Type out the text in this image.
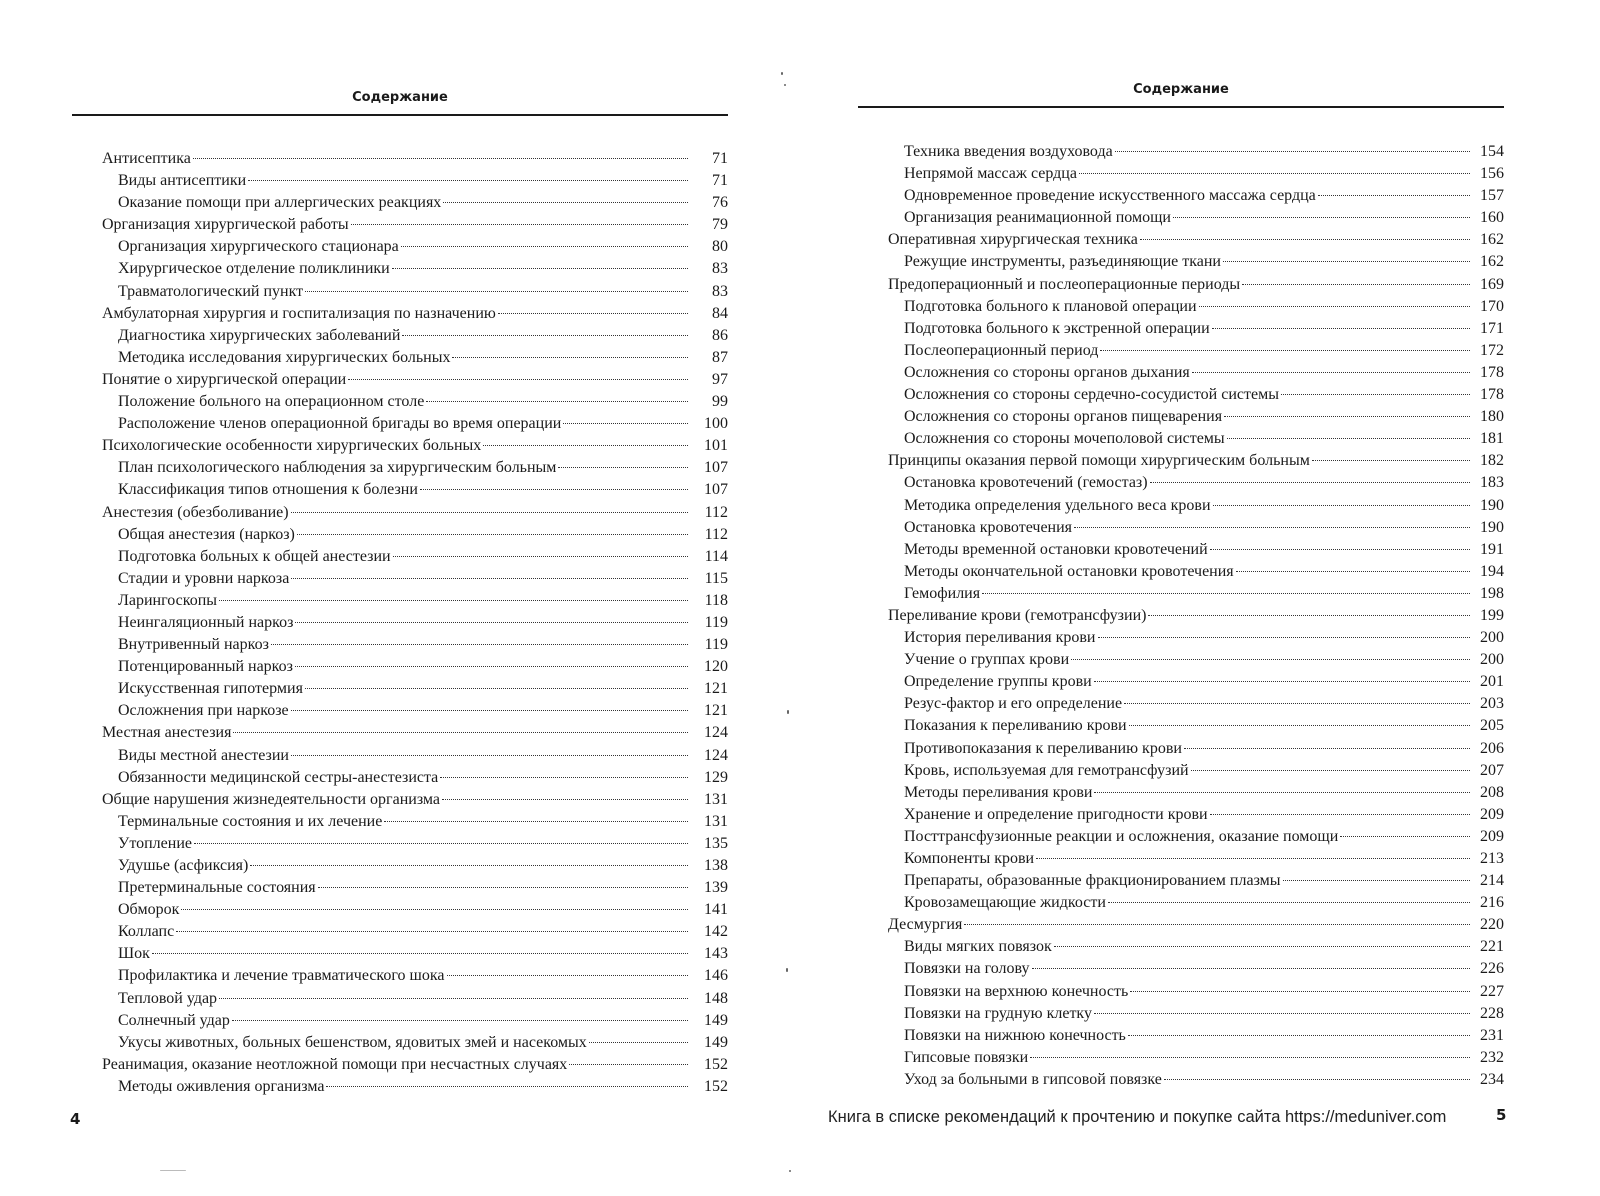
Содержание
Антисептика	71
Виды антисептики	71
Оказание помощи при аллергических реакциях	76
Организация хирургической работы	79
Организация хирургического стационара	80
Хирургическое отделение поликлиники	83
Травматологический пункт	83
Амбулаторная хирургия и госпитализация по назначению	84
Диагностика хирургических заболеваний	86
Методика исследования хирургических больных	87
Понятие о хирургической операции	97
Положение больного на операционном столе	99
Расположение членов операционной бригады во время операции	100
Психологические особенности хирургических больных	101
План психологического наблюдения за хирургическим больным	107
Классификация типов отношения к болезни	107
Анестезия (обезболивание)	112
Общая анестезия (наркоз)	112
Подготовка больных к общей анестезии	114
Стадии и уровни наркоза	115
Ларингоскопы	118
Неингаляционный наркоз	119
Внутривенный наркоз	119
Потенцированный наркоз	120
Искусственная гипотермия	121
Осложнения при наркозе	121
Местная анестезия	124
Виды местной анестезии	124
Обязанности медицинской сестры-анестезиста	129
Общие нарушения жизнедеятельности организма	131
Терминальные состояния и их лечение	131
Утопление	135
Удушье (асфиксия)	138
Претерминальные состояния	139
Обморок	141
Коллапс	142
Шок	143
Профилактика и лечение травматического шока	146
Тепловой удар	148
Солнечный удар	149
Укусы животных, больных бешенством, ядовитых змей и насекомых	149
Реанимация, оказание неотложной помощи при несчастных случаях	152
Методы оживления организма	152
4
Содержание
Техника введения воздуховода	154
Непрямой массаж сердца	156
Одновременное проведение искусственного массажа сердца	157
Организация реанимационной помощи	160
Оперативная хирургическая техника	162
Режущие инструменты, разъединяющие ткани	162
Предоперационный и послеоперационные периоды	169
Подготовка больного к плановой операции	170
Подготовка больного к экстренной операции	171
Послеоперационный период	172
Осложнения со стороны органов дыхания	178
Осложнения со стороны сердечно-сосудистой системы	178
Осложнения со стороны органов пищеварения	180
Осложнения со стороны мочеполовой системы	181
Принципы оказания первой помощи хирургическим больным	182
Остановка кровотечений (гемостаз)	183
Методика определения удельного веса крови	190
Остановка кровотечения	190
Методы временной остановки кровотечений	191
Методы окончательной остановки кровотечения	194
Гемофилия	198
Переливание крови (гемотрансфузии)	199
История переливания крови	200
Учение о группах крови	200
Определение группы крови	201
Резус-фактор и его определение	203
Показания к переливанию крови	205
Противопоказания к переливанию крови	206
Кровь, используемая для гемотрансфузий	207
Методы переливания крови	208
Хранение и определение пригодности крови	209
Посттрансфузионные реакции и осложнения, оказание помощи	209
Компоненты крови	213
Препараты, образованные фракционированием плазмы	214
Кровозамещающие жидкости	216
Десмургия	220
Виды мягких повязок	221
Повязки на голову	226
Повязки на верхнюю конечность	227
Повязки на грудную клетку	228
Повязки на нижнюю конечность	231
Гипсовые повязки	232
Уход за больными в гипсовой повязке	234
Книга в списке рекомендаций к прочтению и покупке сайта https://meduniver.com	5
